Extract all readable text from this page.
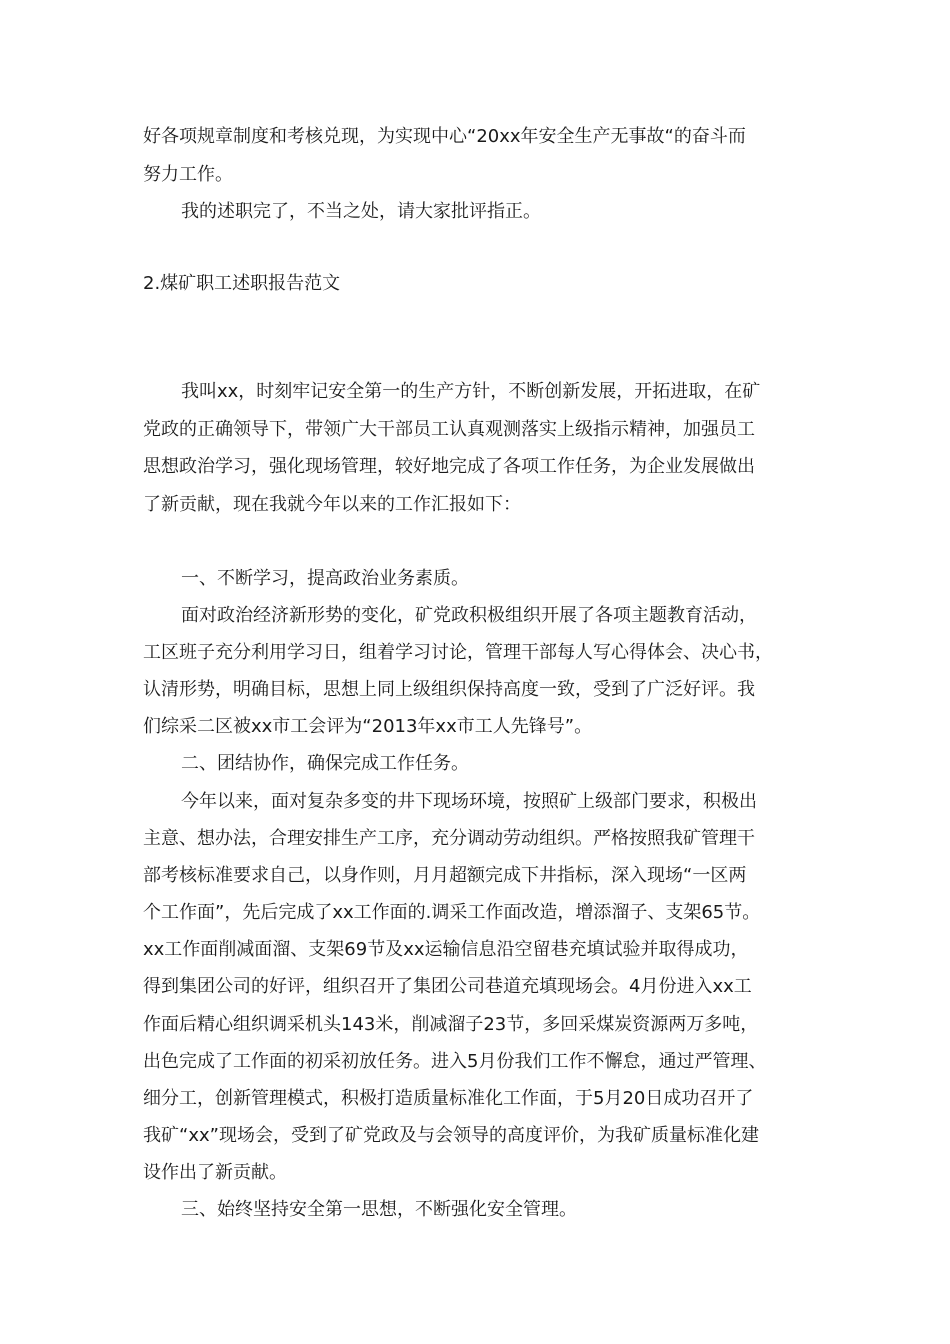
好各项规章制度和考核兑现，为实现中心“20xx年安全生产无事故“的奋斗而
努力工作。
我的述职完了，不当之处，请大家批评指正。
2.煤矿职工述职报告范文
我叫xx，时刻牢记安全第一的生产方针，不断创新发展，开拓进取，在矿
党政的正确领导下，带领广大干部员工认真观测落实上级指示精神，加强员工
思想政治学习，强化现场管理，较好地完成了各项工作任务，为企业发展做出
了新贡献，现在我就今年以来的工作汇报如下：
一、不断学习，提高政治业务素质。
面对政治经济新形势的变化，矿党政积极组织开展了各项主题教育活动，
工区班子充分利用学习日，组着学习讨论，管理干部每人写心得体会、决心书，
认清形势，明确目标，思想上同上级组织保持高度一致，受到了广泛好评。我
们综采二区被xx市工会评为“2013年xx市工人先锋号”。
二、团结协作，确保完成工作任务。
今年以来，面对复杂多变的井下现场环境，按照矿上级部门要求，积极出
主意、想办法，合理安排生产工序，充分调动劳动组织。严格按照我矿管理干
部考核标准要求自己，以身作则，月月超额完成下井指标，深入现场“一区两
个工作面”，先后完成了xx工作面的.调采工作面改造，增添溜子、支架65节。
xx工作面削减面溜、支架69节及xx运输信息沿空留巷充填试验并取得成功，
得到集团公司的好评，组织召开了集团公司巷道充填现场会。4月份进入xx工
作面后精心组织调采机头143米，削减溜子23节，多回采煤炭资源两万多吨，
出色完成了工作面的初采初放任务。进入5月份我们工作不懈怠，通过严管理、
细分工，创新管理模式，积极打造质量标准化工作面，于5月20日成功召开了
我矿“xx”现场会，受到了矿党政及与会领导的高度评价，为我矿质量标准化建
设作出了新贡献。
三、始终坚持安全第一思想，不断强化安全管理。
